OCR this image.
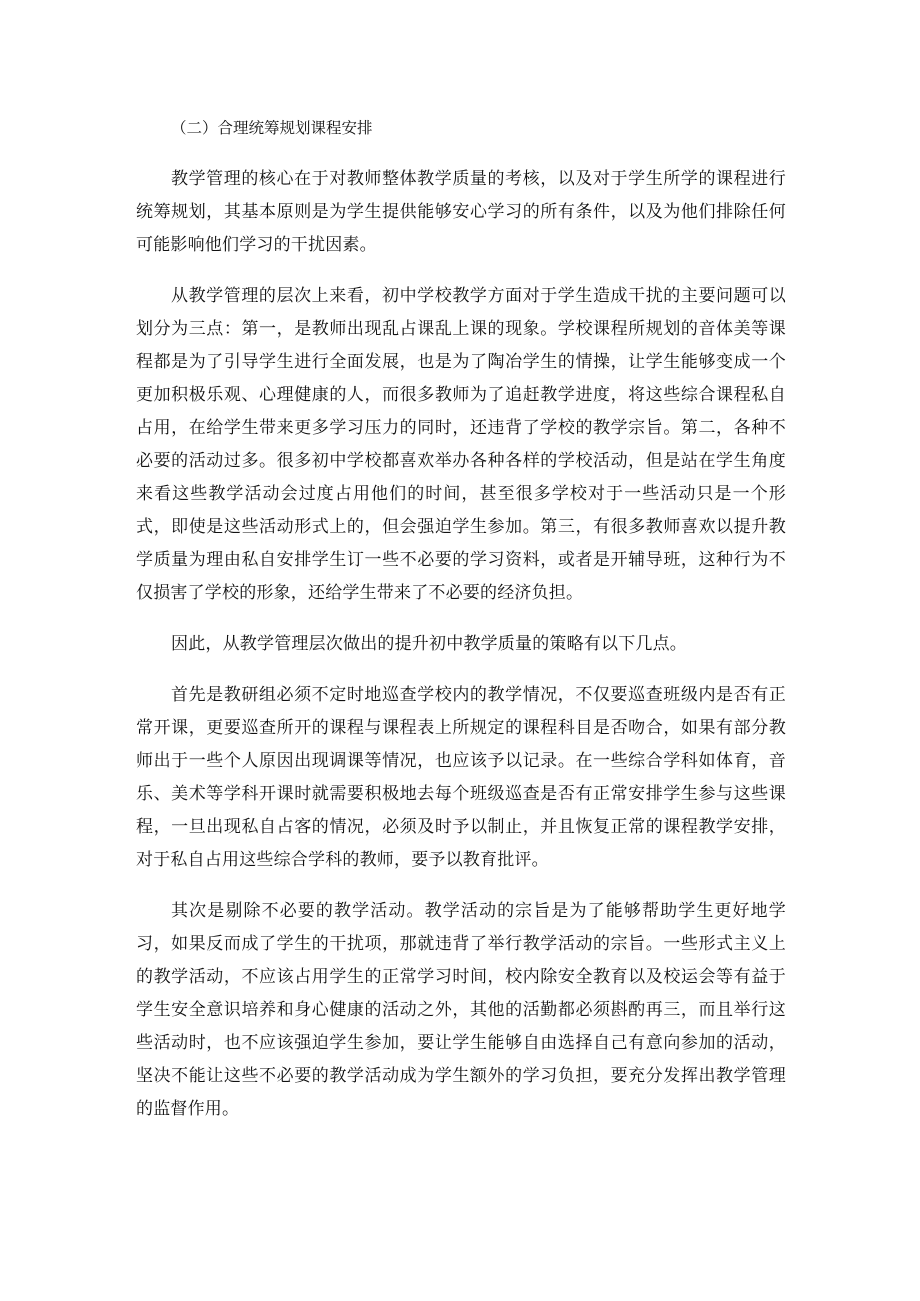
（二）合理统筹规划课程安排

教学管理的核心在于对教师整体教学质量的考核，以及对于学生所学的课程进行统筹规划，其基本原则是为学生提供能够安心学习的所有条件，以及为他们排除任何可能影响他们学习的干扰因素。

从教学管理的层次上来看，初中学校教学方面对于学生造成干扰的主要问题可以划分为三点：第一，是教师出现乱占课乱上课的现象。学校课程所规划的音体美等课程都是为了引导学生进行全面发展，也是为了陶冶学生的情操，让学生能够变成一个更加积极乐观、心理健康的人，而很多教师为了追赶教学进度，将这些综合课程私自占用，在给学生带来更多学习压力的同时，还违背了学校的教学宗旨。第二，各种不必要的活动过多。很多初中学校都喜欢举办各种各样的学校活动，但是站在学生角度来看这些教学活动会过度占用他们的时间，甚至很多学校对于一些活动只是一个形式，即使是这些活动形式上的，但会强迫学生参加。第三，有很多教师喜欢以提升教学质量为理由私自安排学生订一些不必要的学习资料，或者是开辅导班，这种行为不仅损害了学校的形象，还给学生带来了不必要的经济负担。

因此，从教学管理层次做出的提升初中教学质量的策略有以下几点。

首先是教研组必须不定时地巡查学校内的教学情况，不仅要巡查班级内是否有正常开课，更要巡查所开的课程与课程表上所规定的课程科目是否吻合，如果有部分教师出于一些个人原因出现调课等情况，也应该予以记录。在一些综合学科如体育，音乐、美术等学科开课时就需要积极地去每个班级巡查是否有正常安排学生参与这些课程，一旦出现私自占客的情况，必须及时予以制止，并且恢复正常的课程教学安排，对于私自占用这些综合学科的教师，要予以教育批评。

其次是剔除不必要的教学活动。教学活动的宗旨是为了能够帮助学生更好地学习，如果反而成了学生的干扰项，那就违背了举行教学活动的宗旨。一些形式主义上的教学活动，不应该占用学生的正常学习时间，校内除安全教育以及校运会等有益于学生安全意识培养和身心健康的活动之外，其他的活勤都必须斟酌再三，而且举行这些活动时，也不应该强迫学生参加，要让学生能够自由选择自己有意向参加的活动，坚决不能让这些不必要的教学活动成为学生额外的学习负担，要充分发挥出教学管理的监督作用。
